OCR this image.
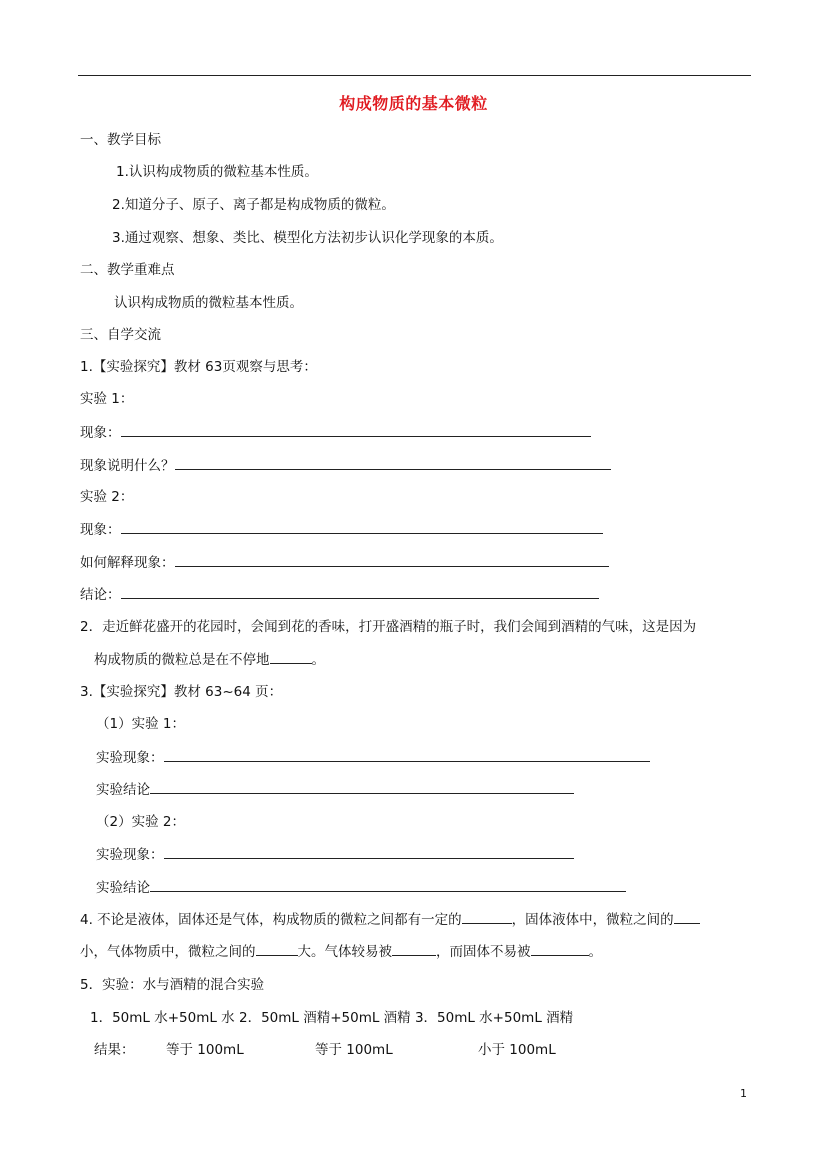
构成物质的基本微粒
一、教学目标
1.认识构成物质的微粒基本性质。
2.知道分子、原子、离子都是构成物质的微粒。
3.通过观察、想象、类比、模型化方法初步认识化学现象的本质。
二、教学重难点
认识构成物质的微粒基本性质。
三、自学交流
1.【实验探究】教材 63页观察与思考：
实验 1：
现象：
现象说明什么？
实验 2：
现象：
如何解释现象：
结论：
2．走近鲜花盛开的花园时，会闻到花的香味，打开盛酒精的瓶子时，我们会闻到酒精的气味，这是因为
构成物质的微粒总是在不停地	。
3.【实验探究】教材 63~64 页：
（1）实验 1：
实验现象：
实验结论
（2）实验 2：
实验现象：
实验结论
4. 不论是液体，固体还是气体，构成物质的微粒之间都有一定的	，固体液体中，微粒之间的
小，气体物质中，微粒之间的	大。气体较易被	，而固体不易被	。
5．实验：水与酒精的混合实验
1．50mL 水+50mL 水 2．50mL 酒精+50mL 酒精 3．50mL 水+50mL 酒精
结果： 等于 100mL	等于 100mL	小于 100mL
1
